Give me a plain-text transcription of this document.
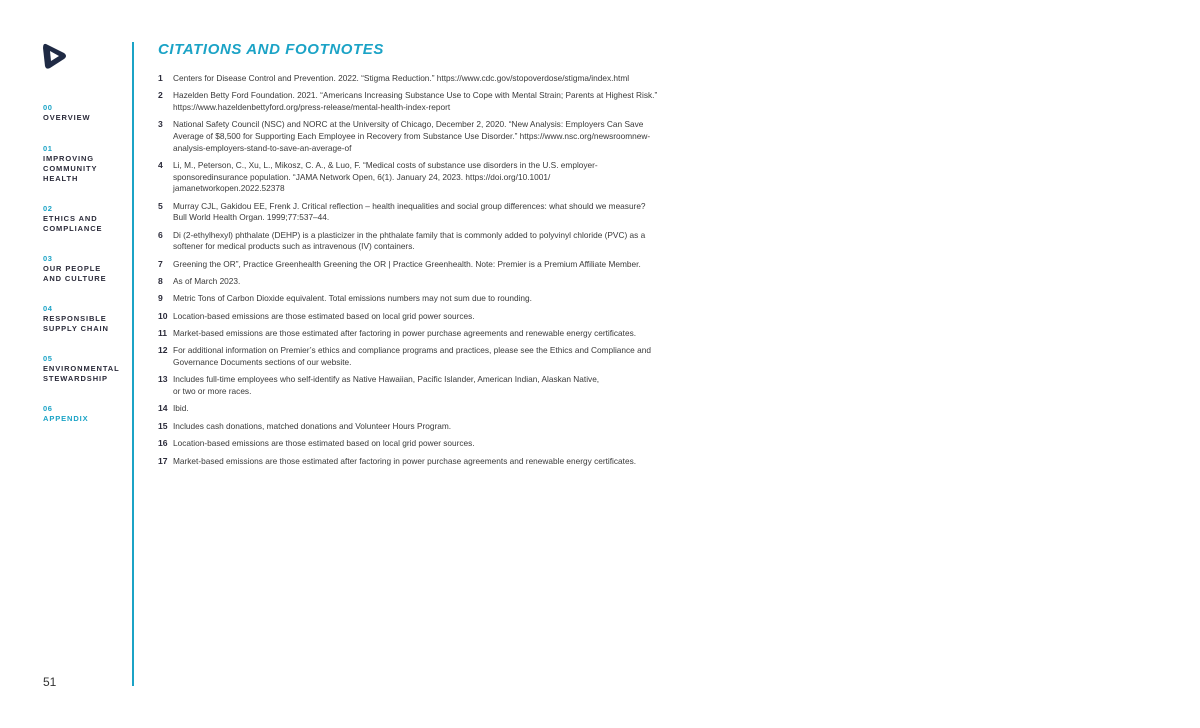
00
OVERVIEW
01
IMPROVING
COMMUNITY
HEALTH
02
ETHICS AND
COMPLIANCE
03
OUR PEOPLE
AND CULTURE
04
RESPONSIBLE
SUPPLY CHAIN
05
ENVIRONMENTAL
STEWARDSHIP
06
APPENDIX
51
CITATIONS AND FOOTNOTES
1 Centers for Disease Control and Prevention. 2022. “Stigma Reduction.” https://www.cdc.gov/stopoverdose/stigma/index.html
2 Hazelden Betty Ford Foundation. 2021. “Americans Increasing Substance Use to Cope with Mental Strain; Parents at Highest Risk.”
https://www.hazeldenbettyford.org/press-release/mental-health-index-report
3 National Safety Council (NSC) and NORC at the University of Chicago, December 2, 2020. “New Analysis: Employers Can Save
Average of $8,500 for Supporting Each Employee in Recovery from Substance Use Disorder.” https://www.nsc.org/newsroomnew-
analysis-employers-stand-to-save-an-average-of
4 Li, M., Peterson, C., Xu, L., Mikosz, C. A., & Luo, F. “Medical costs of substance use disorders in the U.S. employer-
sponsoredinsurance population. “JAMA Network Open, 6(1). January 24, 2023. https://doi.org/10.1001/
jamanetworkopen.2022.52378
5 Murray CJL, Gakidou EE, Frenk J. Critical reflection – health inequalities and social group differences: what should we measure?
Bull World Health Organ. 1999;77:537–44.
6 Di (2-ethylhexyl) phthalate (DEHP) is a plasticizer in the phthalate family that is commonly added to polyvinyl chloride (PVC) as a
softener for medical products such as intravenous (IV) containers.
7 Greening the OR”, Practice Greenhealth Greening the OR | Practice Greenhealth. Note: Premier is a Premium Affiliate Member.
8 As of March 2023.
9 Metric Tons of Carbon Dioxide equivalent. Total emissions numbers may not sum due to rounding.
10 Location-based emissions are those estimated based on local grid power sources.
11 Market-based emissions are those estimated after factoring in power purchase agreements and renewable energy certificates.
12 For additional information on Premier’s ethics and compliance programs and practices, please see the Ethics and Compliance and
Governance Documents sections of our website.
13 Includes full-time employees who self-identify as Native Hawaiian, Pacific Islander, American Indian, Alaskan Native,
or two or more races.
14 Ibid.
15 Includes cash donations, matched donations and Volunteer Hours Program.
16 Location-based emissions are those estimated based on local grid power sources.
17 Market-based emissions are those estimated after factoring in power purchase agreements and renewable energy certificates.
